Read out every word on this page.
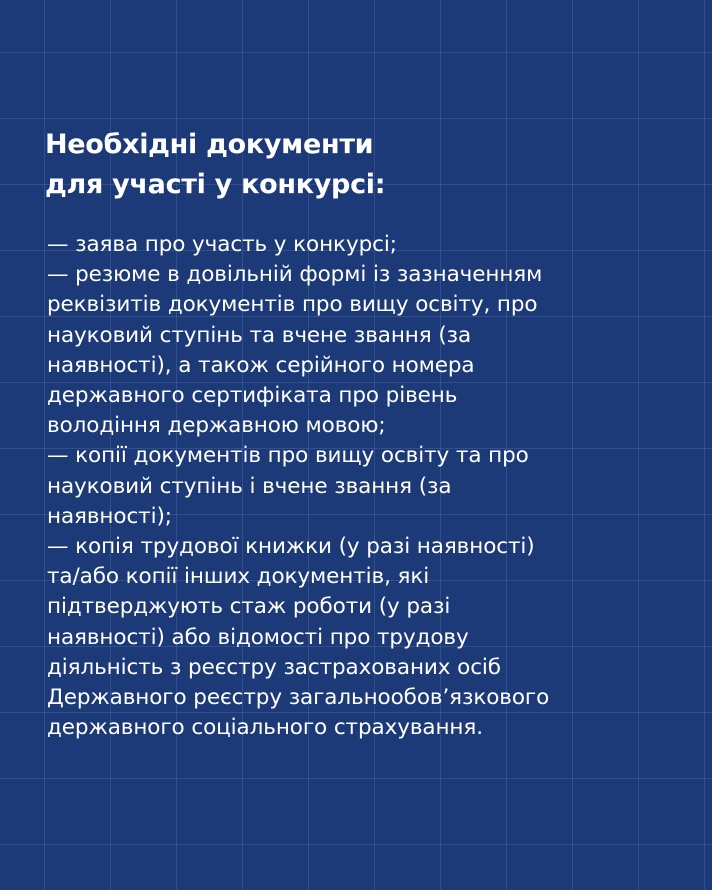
Необхідні документи
для участі у конкурсі:
— заява про участь у конкурсі;
— резюме в довільній формі із зазначенням
реквізитів документів про вищу освіту, про
науковий ступінь та вчене звання (за
наявності), а також серійного номера
державного сертифіката про рівень
володіння державною мовою;
— копії документів про вищу освіту та про
науковий ступінь і вчене звання (за
наявності);
— копія трудової книжки (у разі наявності)
та/або копії інших документів, які
підтверджують стаж роботи (у разі
наявності) або відомості про трудову
діяльність з реєстру застрахованих осіб
Державного реєстру загальнообов’язкового
державного соціального страхування.
